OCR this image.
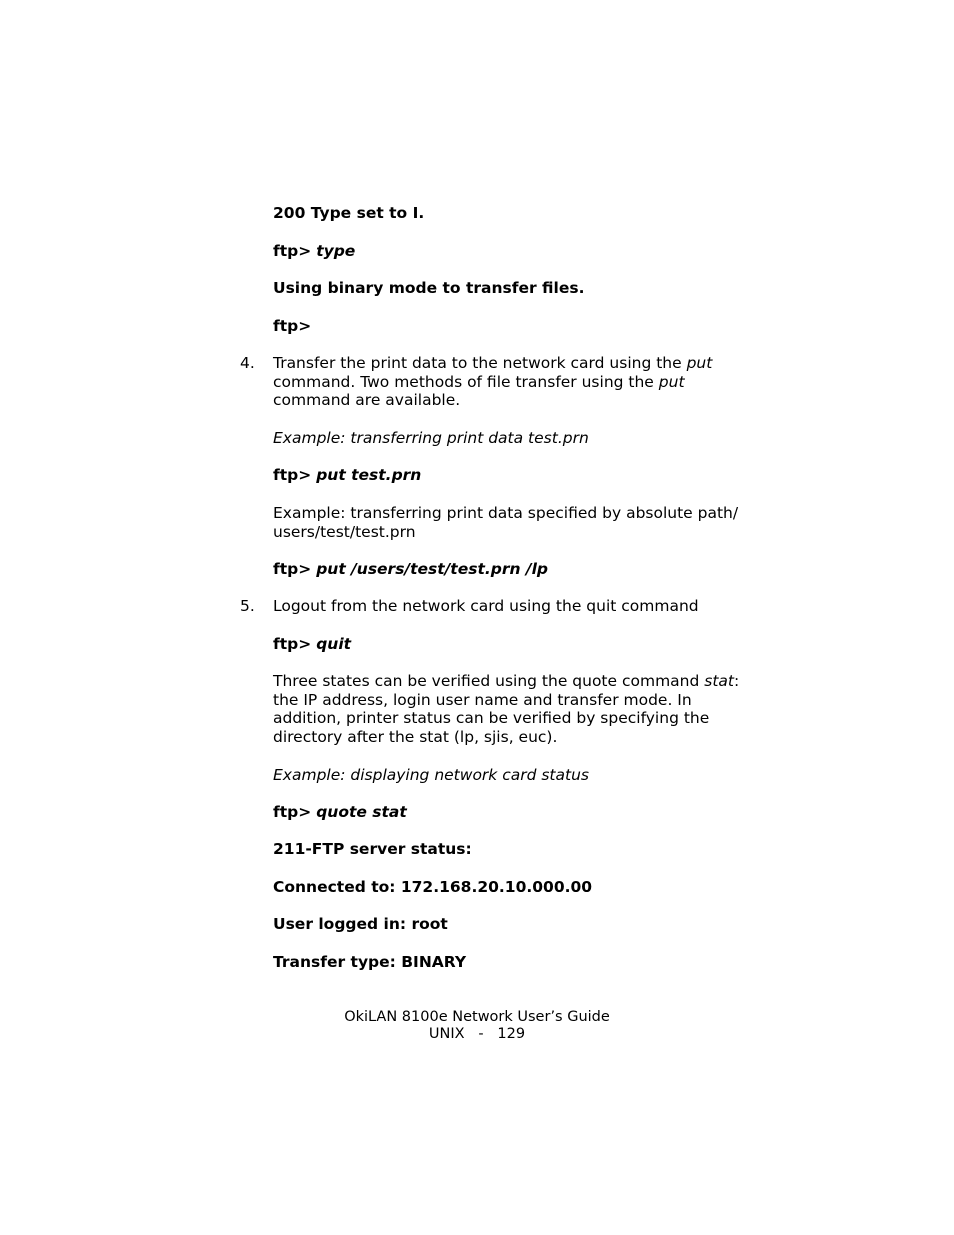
200 Type set to I.
ftp> type
Using binary mode to transfer files.
ftp>
4. Transfer the print data to the network card using the put
command. Two methods of file transfer using the put
command are available.
Example: transferring print data test.prn
ftp> put test.prn
Example: transferring print data specified by absolute path/
users/test/test.prn
ftp> put /users/test/test.prn /lp
5. Logout from the network card using the quit command
ftp> quit
Three states can be verified using the quote command stat:
the IP address, login user name and transfer mode. In
addition, printer status can be verified by specifying the
directory after the stat (lp, sjis, euc).
Example: displaying network card status
ftp> quote stat
211-FTP server status:
Connected to: 172.168.20.10.000.00
User logged in: root
Transfer type: BINARY
OkiLAN 8100e Network User’s Guide
UNIX   -   129
